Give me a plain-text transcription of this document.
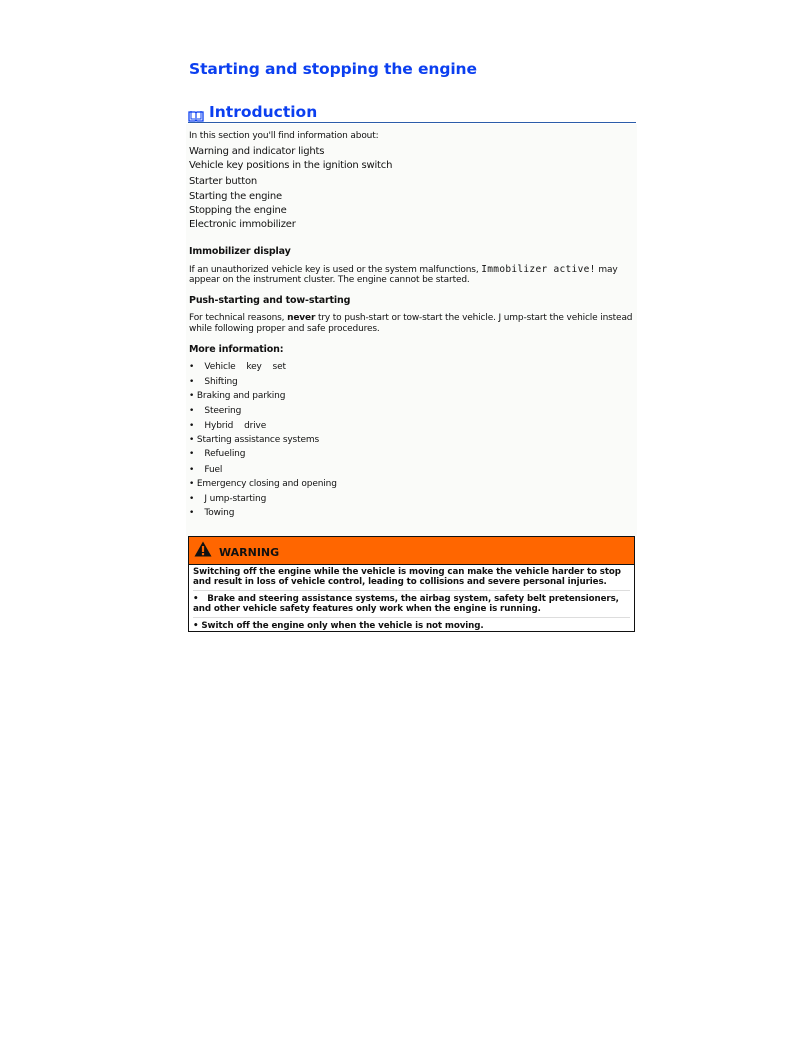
Starting and stopping the engine
Introduction
In this section you'll find information about:
Warning and indicator lights
Vehicle key positions in the ignition switch
Starter button
Starting the engine
Stopping the engine
Electronic immobilizer
Immobilizer display
If an unauthorized vehicle key is used or the system malfunctions, Immobilizer active! may
appear on the instrument cluster. The engine cannot be started.
Push-starting and tow-starting
For technical reasons, never try to push-start or tow-start the vehicle. J ump-start the vehicle instead
while following proper and safe procedures.
More information:
• Vehicle    key    set
• Shifting
• Braking and parking
• Steering
• Hybrid    drive
• Starting assistance systems
• Refueling
• Fuel
• Emergency closing and opening
• J ump-starting
• Towing
WARNING

Switching off the engine while the vehicle is moving can make the vehicle harder to stop and result in loss of vehicle control, leading to collisions and severe personal injuries.

•   Brake and steering assistance systems, the airbag system, safety belt pretensioners, and other vehicle safety features only work when the engine is running.

• Switch off the engine only when the vehicle is not moving.
